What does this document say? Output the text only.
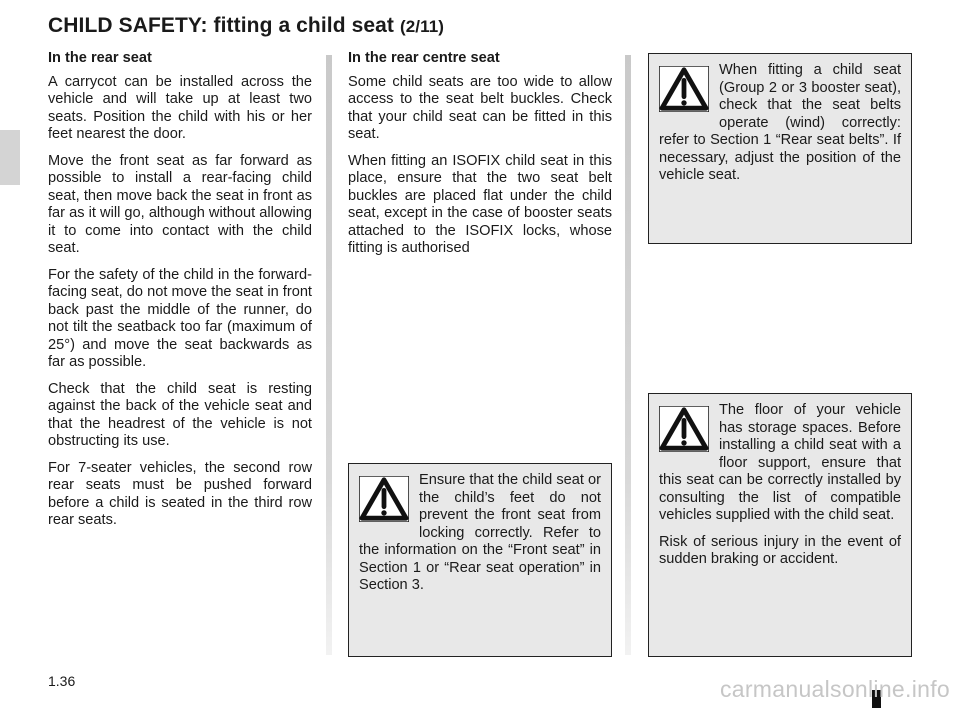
CHILD SAFETY: fitting a child seat (2/11)
In the rear seat

A carrycot can be installed across the vehicle and will take up at least two seats. Position the child with his or her feet nearest the door.

Move the front seat as far forward as possible to install a rear-facing child seat, then move back the seat in front as far as it will go, although without allowing it to come into contact with the child seat.

For the safety of the child in the forward-facing seat, do not move the seat in front back past the middle of the runner, do not tilt the seatback too far (maximum of 25°) and move the seat backwards as far as possible.

Check that the child seat is resting against the back of the vehicle seat and that the headrest of the vehicle is not obstructing its use.

For 7-seater vehicles, the second row rear seats must be pushed forward before a child is seated in the third row rear seats.

In the rear centre seat

Some child seats are too wide to allow access to the seat belt buckles. Check that your child seat can be fitted in this seat.

When fitting an ISOFIX child seat in this place, ensure that the two seat belt buckles are placed flat under the child seat, except in the case of booster seats attached to the ISOFIX locks, whose fitting is authorised

When fitting a child seat (Group 2 or 3 booster seat), check that the seat belts operate (wind) correctly: refer to Section 1 “Rear seat belts”. If necessary, adjust the position of the vehicle seat.

The floor of your vehicle has storage spaces. Before installing a child seat with a floor support, ensure that this seat can be correctly installed by consulting the list of compatible vehicles supplied with the child seat.

Risk of serious injury in the event of sudden braking or accident.

Ensure that the child seat or the child’s feet do not prevent the front seat from locking correctly. Refer to the information on the “Front seat” in Section 1 or “Rear seat operation” in Section 3.

1.36	carmanualsonline.info
